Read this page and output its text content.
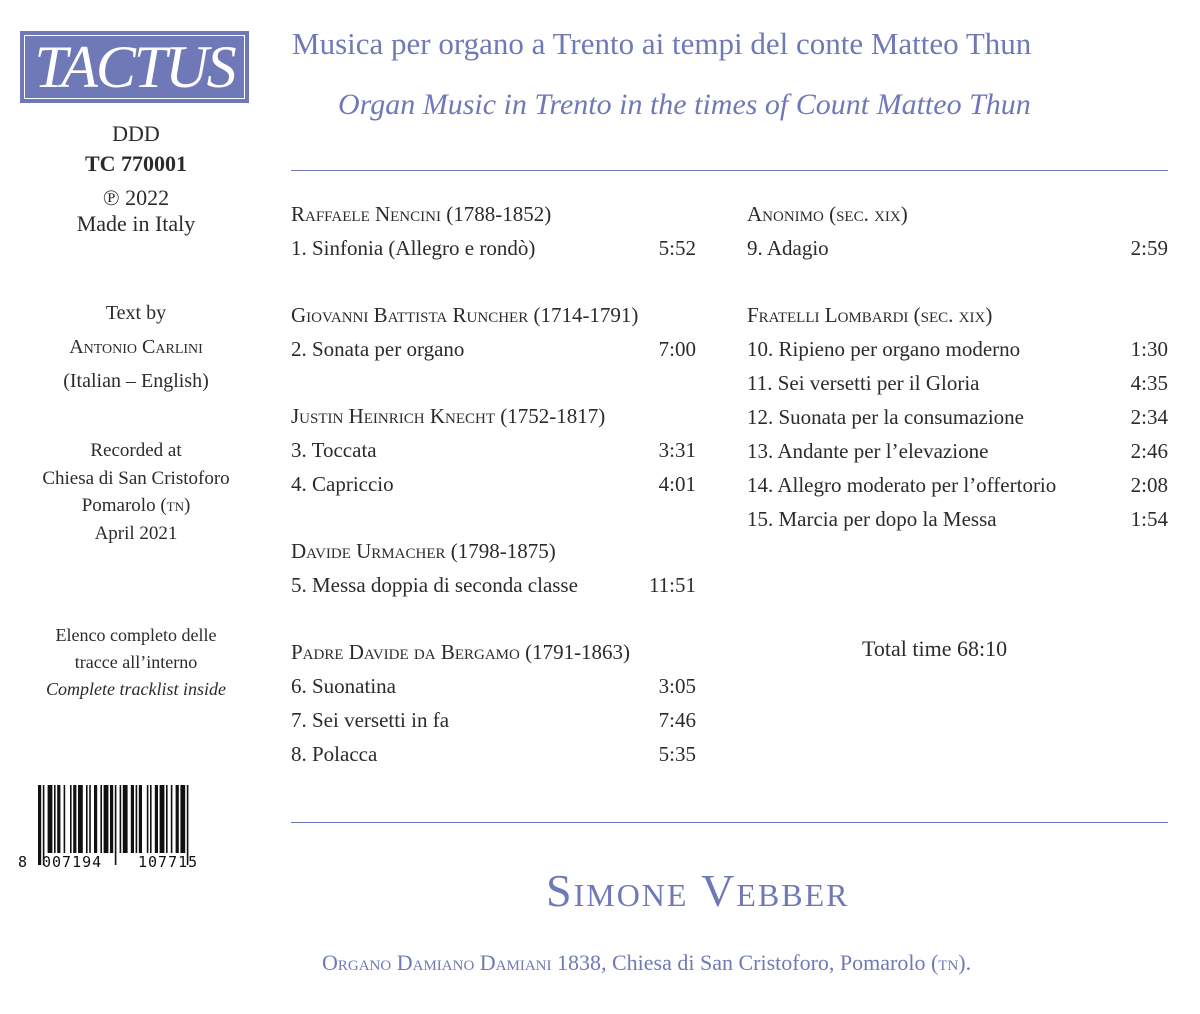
TACTUS
DDD
TC 770001
℗ 2022
Made in Italy
Text by
Antonio Carlini
(Italian – English)
Recorded at
Chiesa di San Cristoforo
Pomarolo (tn)
April 2021
Elenco completo delle
tracce all’interno
Complete tracklist inside
8 007194 107715
Musica per organo a Trento ai tempi del conte Matteo Thun
Organ Music in Trento in the times of Count Matteo Thun
Raffaele Nencini (1788-1852)
1. Sinfonia (Allegro e rondò)	5:52
Giovanni Battista Runcher (1714-1791)
2. Sonata per organo	7:00
Justin Heinrich Knecht (1752-1817)
3. Toccata	3:31
4. Capriccio	4:01
Davide Urmacher (1798-1875)
5. Messa doppia di seconda classe	11:51
Padre Davide da Bergamo (1791-1863)
6. Suonatina	3:05
7. Sei versetti in fa	7:46
8. Polacca	5:35
Anonimo (sec. xix)
9. Adagio	2:59
Fratelli Lombardi (sec. xix)
10. Ripieno per organo moderno	1:30
11. Sei versetti per il Gloria	4:35
12. Suonata per la consumazione	2:34
13. Andante per l’elevazione	2:46
14. Allegro moderato per l’offertorio	2:08
15. Marcia per dopo la Messa	1:54
Total time 68:10
Simone Vebber
Organo Damiano Damiani 1838, Chiesa di San Cristoforo, Pomarolo (tn).
